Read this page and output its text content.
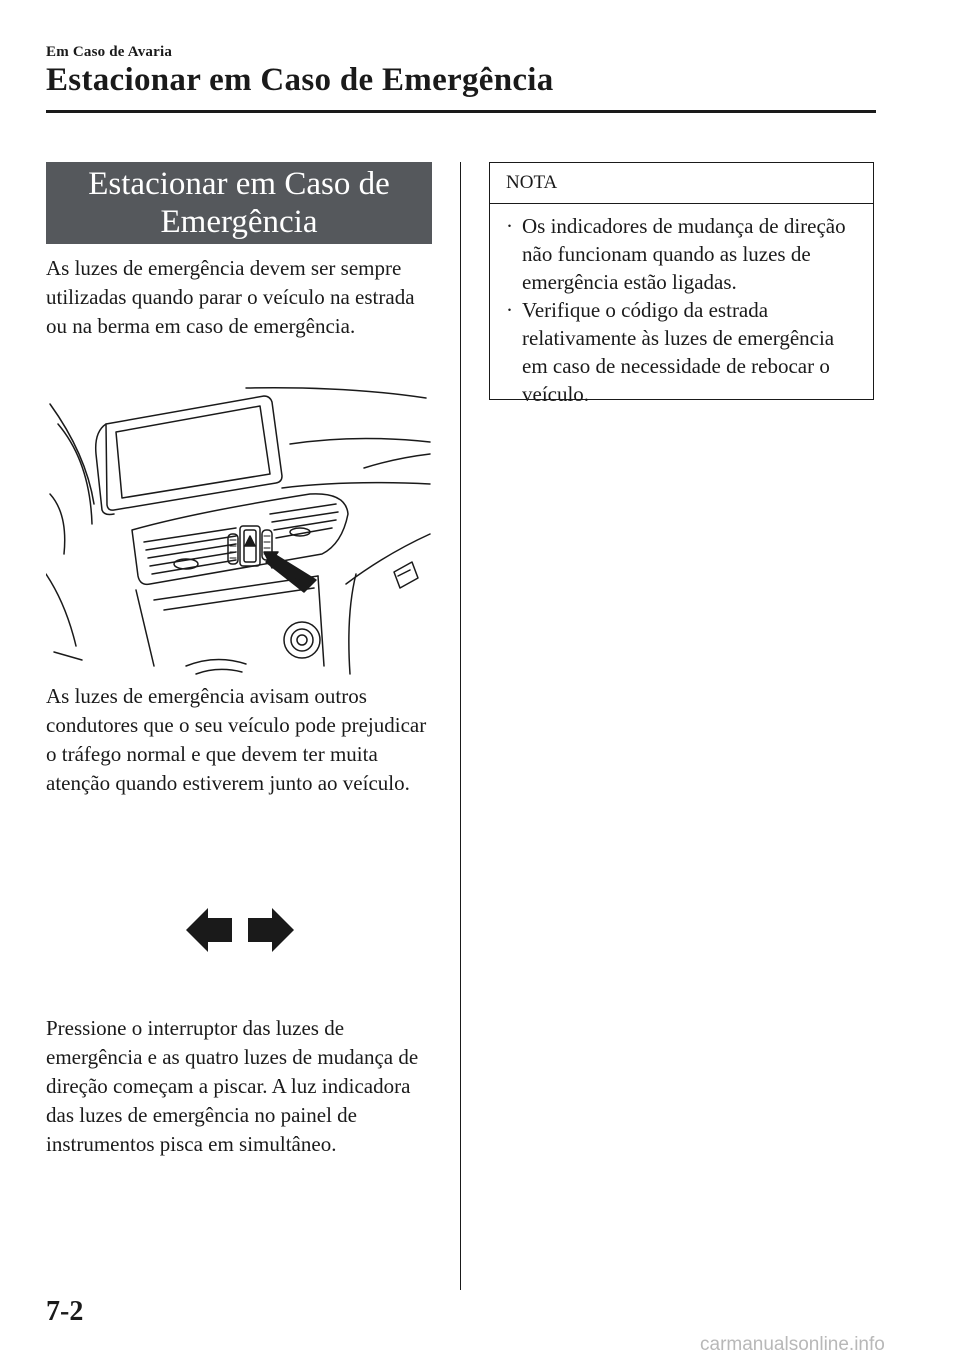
Em Caso de Avaria
Estacionar em Caso de Emergência
Estacionar em Caso de
Emergência

As luzes de emergência devem ser sempre utilizadas quando parar o veículo na estrada ou na berma em caso de emergência.

As luzes de emergência avisam outros condutores que o seu veículo pode prejudicar o tráfego normal e que devem ter muita atenção quando estiverem junto ao veículo.

Pressione o interruptor das luzes de emergência e as quatro luzes de mudança de direção começam a piscar. A luz indicadora das luzes de emergência no painel de instrumentos pisca em simultâneo.

NOTA
· Os indicadores de mudança de direção não funcionam quando as luzes de emergência estão ligadas.
· Verifique o código da estrada relativamente às luzes de emergência em caso de necessidade de rebocar o veículo.
7-2
carmanualsonline.info
